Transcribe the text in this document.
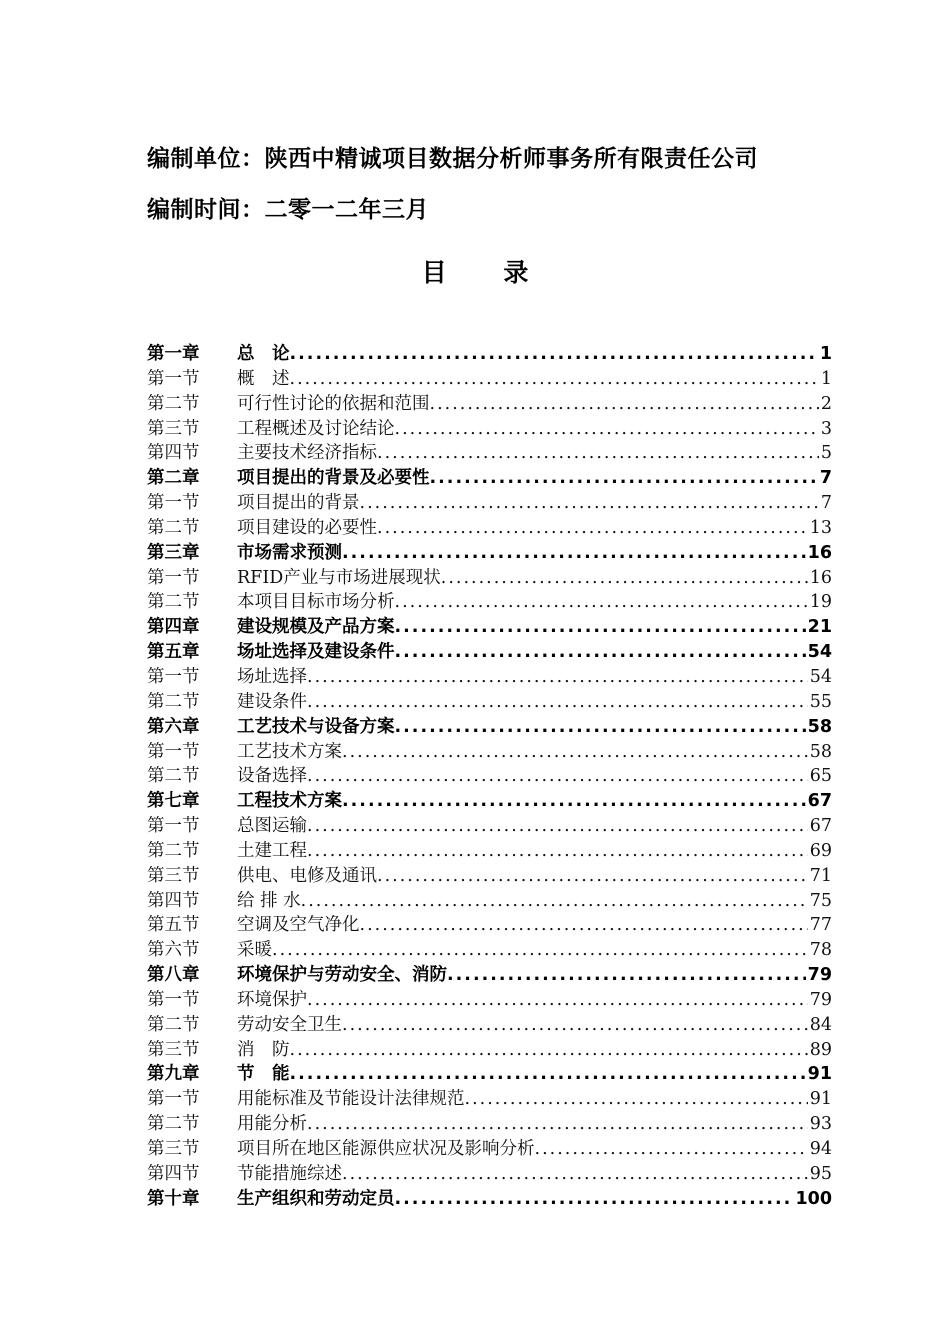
编制单位：陕西中精诚项目数据分析师事务所有限责任公司
编制时间：二零一二年三月
目 录
第一章	总　论 .....	1
第一节	概　述 .....	1
第二节	可行性讨论的依据和范围 .....	2
第三节	工程概述及讨论结论 .....	3
第四节	主要技术经济指标 .....	5
第二章	项目提出的背景及必要性 .....	7
第一节	项目提出的背景 .....	7
第二节	项目建设的必要性 .....	13
第三章	市场需求预测 .....	16
第一节	RFID产业与市场进展现状 .....	16
第二节	本项目目标市场分析 .....	19
第四章	建设规模及产品方案 .....	21
第五章	场址选择及建设条件 .....	54
第一节	场址选择 .....	54
第二节	建设条件 .....	55
第六章	工艺技术与设备方案 .....	58
第一节	工艺技术方案 .....	58
第二节	设备选择 .....	65
第七章	工程技术方案 .....	67
第一节	总图运输 .....	67
第二节	土建工程 .....	69
第三节	供电、电修及通讯 .....	71
第四节	给 排 水 .....	75
第五节	空调及空气净化 .....	77
第六节	采暖 .....	78
第八章	环境保护与劳动安全、消防 .....	79
第一节	环境保护 .....	79
第二节	劳动安全卫生 .....	84
第三节	消　防 .....	89
第九章	节　能 .....	91
第一节	用能标准及节能设计法律规范 .....	91
第二节	用能分析 .....	93
第三节	项目所在地区能源供应状况及影响分析 .....	94
第四节	节能措施综述 .....	95
第十章	生产组织和劳动定员 .....	100
